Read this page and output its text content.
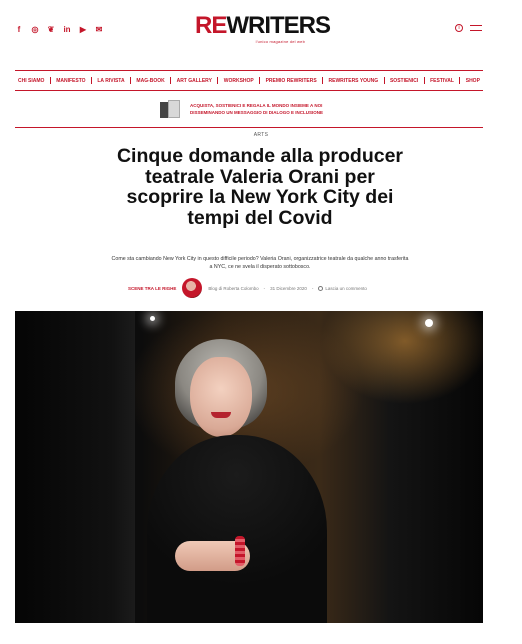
f	◎ ❦ in ▶ ✉	REWRITERS
l'unico magazine del web
i
CHI SIAMO MANIFESTO LA RIVISTA MAG-BOOK ART GALLERY WORKSHOP PREMIO REWRITERS REWRITERS YOUNG SOSTIENICI FESTIVAL SHOP
ACQUISTA, SOSTIENICI E REGALA IL MONDO INSIEME A NOI
DISSEMINANDO UN MESSAGGIO DI DIALOGO E INCLUSIONE
ARTS
Cinque domande alla producer teatrale Valeria Orani per scoprire la New York City dei tempi del Covid

Come sta cambiando New York City in questo difficile periodo? Valeria Orani, organizzatrice teatrale da qualche anno trasferita a NYC, ce ne svela il disperato sottobosco.

SCENE TRA LE RIGHE	Blog di Roberta Colombo - 31 Dicembre 2020 -	Lascia un commento
